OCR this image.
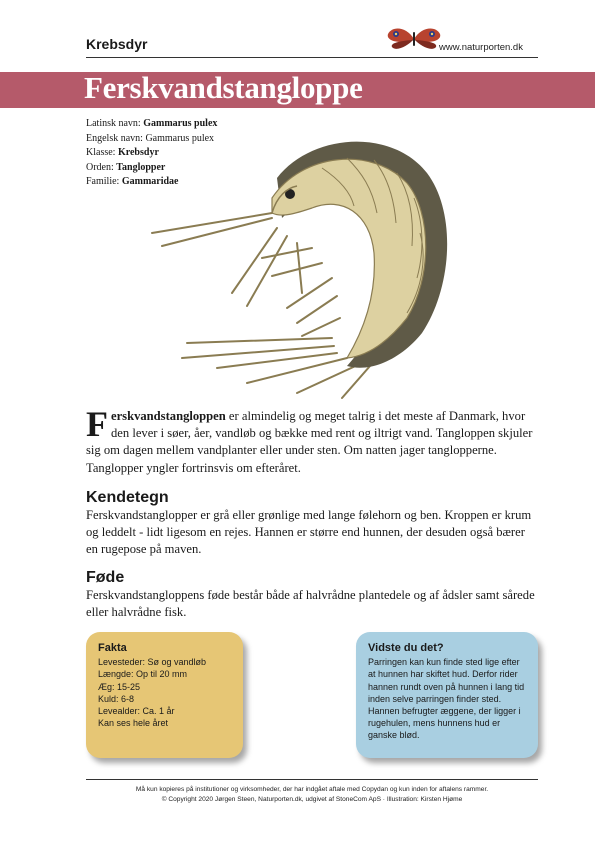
Krebsdyr	www.naturporten.dk
Ferskvandstangloppe
Latinsk navn: Gammarus pulex
Engelsk navn: Gammarus pulex
Klasse: Krebsdyr
Orden: Tanglopper
Familie: Gammaridae
Ferskvandstangloppen er almindelig og meget talrig i det meste af Danmark, hvor den lever i søer, åer, vandløb og bække med rent og iltrigt vand. Tangloppen skjuler sig om dagen mellem vandplanter eller under sten. Om natten jager tanglopperne. Tanglopper yngler fortrinsvis om efteråret.
Kendetegn
Ferskvandstanglopper er grå eller grønlige med lange følehorn og ben. Kroppen er krum og leddelt - lidt ligesom en rejes. Hannen er større end hunnen, der desuden også bærer en rugepose på maven.
Føde
Ferskvandstangloppens føde består både af halvrådne plantedele og af ådsler samt sårede eller halvrådne fisk.
Fakta
Levesteder: Sø og vandløb
Længde: Op til 20 mm
Æg: 15-25
Kuld: 6-8
Levealder: Ca. 1 år
Kan ses hele året
Vidste du det?
Parringen kan kun finde sted lige efter at hunnen har skiftet hud. Derfor rider hannen rundt oven på hunnen i lang tid inden selve parringen finder sted. Hannen befrugter æggene, der ligger i rugehulen, mens hunnens hud er ganske blød.
Må kun kopieres på institutioner og virksomheder, der har indgået aftale med Copydan og kun inden for aftalens rammer.
© Copyright 2020 Jørgen Steen, Naturporten.dk, udgivet af StoneCom ApS · Illustration: Kirsten Hjøme
